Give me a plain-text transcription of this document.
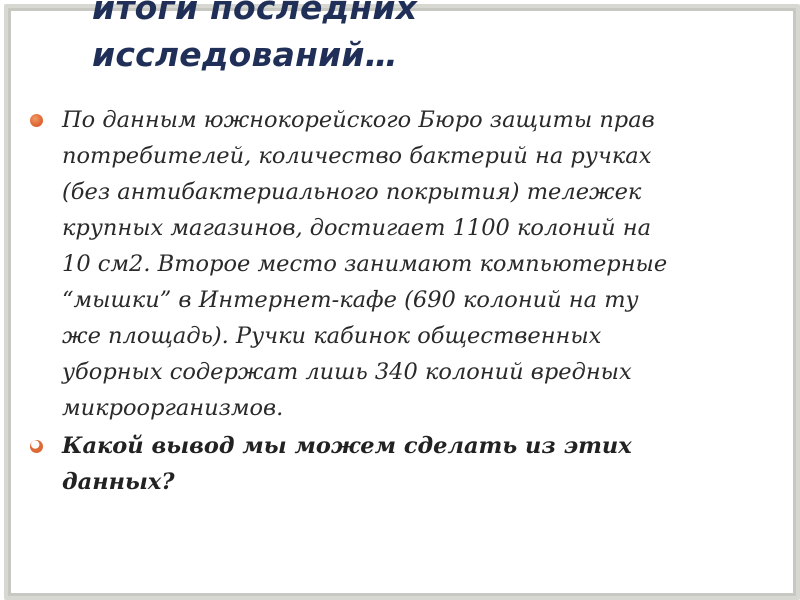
итоги последних
исследований…
По данным южнокорейского Бюро защиты прав
потребителей, количество бактерий на ручках
(без антибактериального покрытия) тележек
крупных магазинов, достигает 1100 колоний на
10 см2. Второе место занимают компьютерные
“мышки” в Интернет-кафе (690 колоний на ту
же площадь). Ручки кабинок общественных
уборных содержат лишь 340 колоний вредных
микроорганизмов.
Какой вывод мы можем сделать из этих
данных?
